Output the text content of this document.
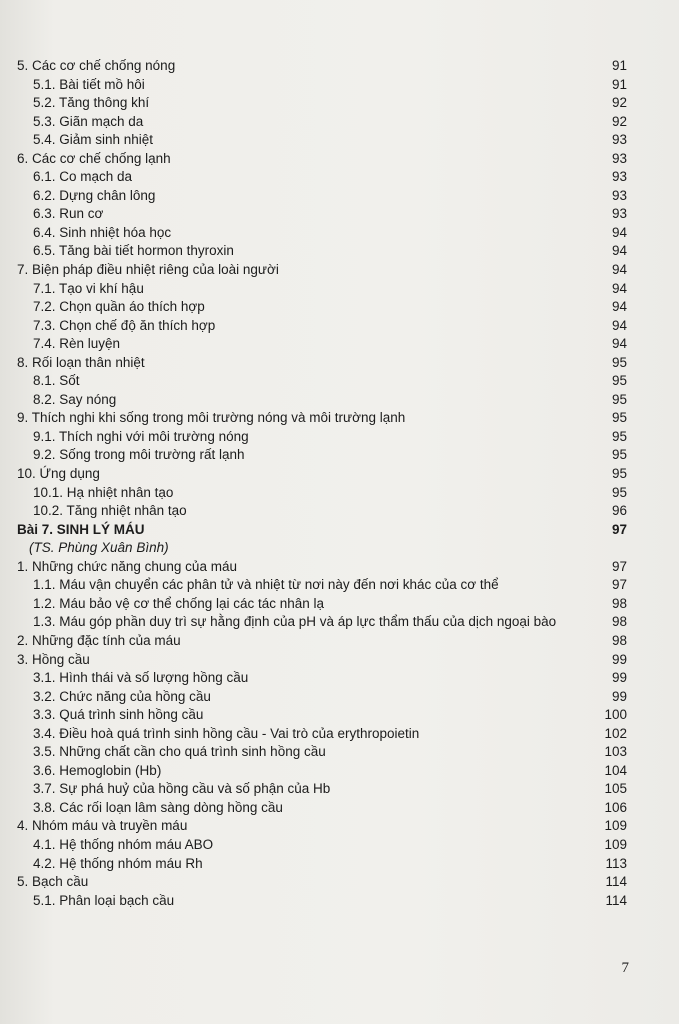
5. Các cơ chế chống nóng	91
5.1. Bài tiết mồ hôi	91
5.2. Tăng thông khí	92
5.3. Giãn mạch da	92
5.4. Giảm sinh nhiệt	93
6. Các cơ chế chống lạnh	93
6.1. Co mạch da	93
6.2. Dựng chân lông	93
6.3. Run cơ	93
6.4. Sinh nhiệt hóa học	94
6.5. Tăng bài tiết hormon thyroxin	94
7. Biện pháp điều nhiệt riêng của loài người	94
7.1. Tạo vi khí hậu	94
7.2. Chọn quần áo thích hợp	94
7.3. Chọn chế độ ăn thích hợp	94
7.4. Rèn luyện	94
8. Rối loạn thân nhiệt	95
8.1. Sốt	95
8.2. Say nóng	95
9. Thích nghi khi sống trong môi trường nóng và môi trường lạnh	95
9.1. Thích nghi với môi trường nóng	95
9.2. Sống trong môi trường rất lạnh	95
10. Ứng dụng	95
10.1. Hạ nhiệt nhân tạo	95
10.2. Tăng nhiệt nhân tạo	96
Bài 7. SINH LÝ MÁU	97
(TS. Phùng Xuân Bình)
1. Những chức năng chung của máu	97
1.1. Máu vận chuyển các phân tử và nhiệt từ nơi này đến nơi khác của cơ thể	97
1.2. Máu bảo vệ cơ thể chống lại các tác nhân lạ	98
1.3. Máu góp phần duy trì sự hằng định của pH và áp lực thẩm thấu của dịch ngoại bào	98
2. Những đặc tính của máu	98
3. Hồng cầu	99
3.1. Hình thái và số lượng hồng cầu	99
3.2. Chức năng của hồng cầu	99
3.3. Quá trình sinh hồng cầu	100
3.4. Điều hoà quá trình sinh hồng cầu - Vai trò của erythropoietin	102
3.5. Những chất cần cho quá trình sinh hồng cầu	103
3.6. Hemoglobin (Hb)	104
3.7. Sự phá huỷ của hồng cầu và số phận của Hb	105
3.8. Các rối loạn lâm sàng dòng hồng cầu	106
4. Nhóm máu và truyền máu	109
4.1. Hệ thống nhóm máu ABO	109
4.2. Hệ thống nhóm máu Rh	113
5. Bạch cầu	114
5.1. Phân loại bạch cầu	114
7
